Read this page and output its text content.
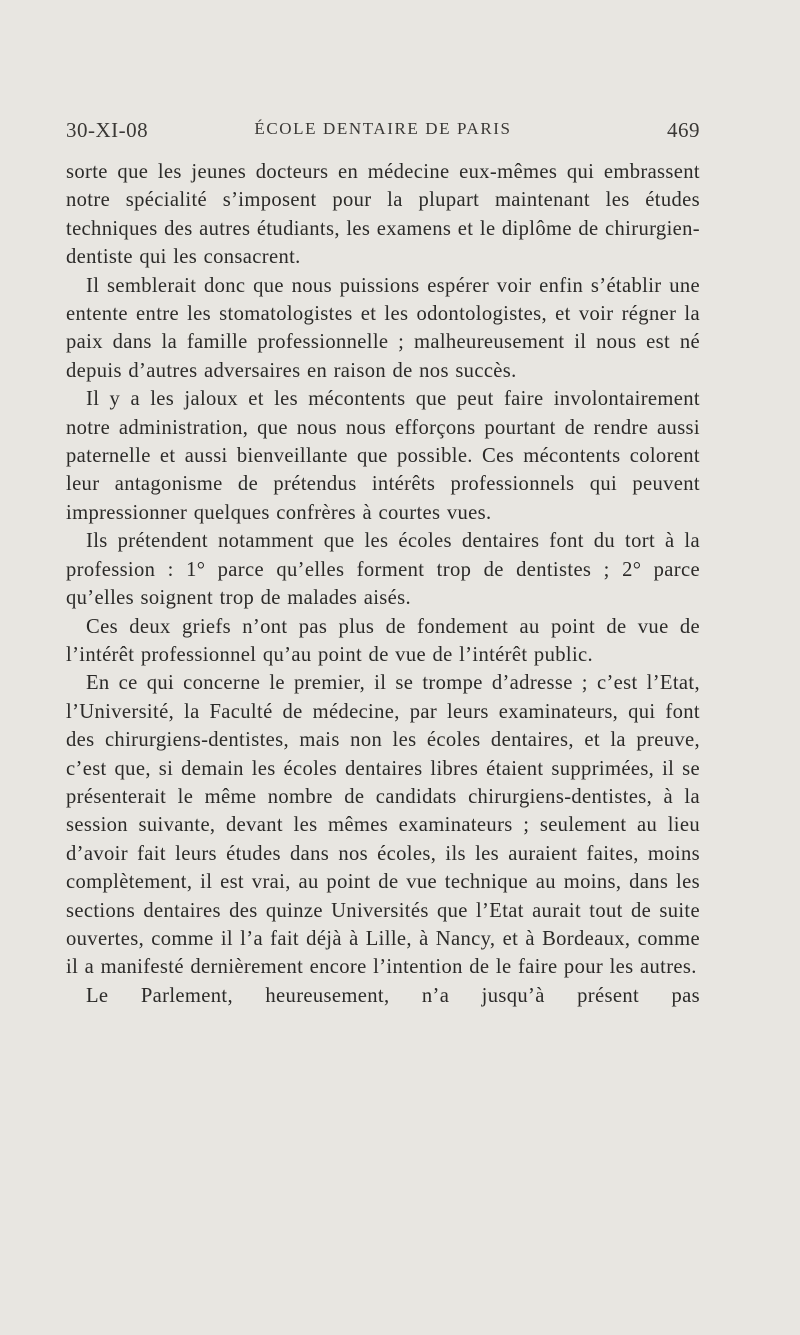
30-XI-08	ÉCOLE DENTAIRE DE PARIS	469

sorte que les jeunes docteurs en médecine eux-mêmes qui embrassent notre spécialité s’imposent pour la plupart maintenant les études techniques des autres étudiants, les examens et le diplôme de chirurgien-dentiste qui les consacrent.

Il semblerait donc que nous puissions espérer voir enfin s’établir une entente entre les stomatologistes et les odontologistes, et voir régner la paix dans la famille professionnelle ; malheureusement il nous est né depuis d’autres adversaires en raison de nos succès.

Il y a les jaloux et les mécontents que peut faire involontairement notre administration, que nous nous efforçons pourtant de rendre aussi paternelle et aussi bienveillante que possible. Ces mécontents colorent leur antagonisme de prétendus intérêts professionnels qui peuvent impressionner quelques confrères à courtes vues.

Ils prétendent notamment que les écoles dentaires font du tort à la profession : 1° parce qu’elles forment trop de dentistes ; 2° parce qu’elles soignent trop de malades aisés.

Ces deux griefs n’ont pas plus de fondement au point de vue de l’intérêt professionnel qu’au point de vue de l’intérêt public.

En ce qui concerne le premier, il se trompe d’adresse ; c’est l’Etat, l’Université, la Faculté de médecine, par leurs examinateurs, qui font des chirurgiens-dentistes, mais non les écoles dentaires, et la preuve, c’est que, si demain les écoles dentaires libres étaient supprimées, il se présenterait le même nombre de candidats chirurgiens-dentistes, à la session suivante, devant les mêmes examinateurs ; seulement au lieu d’avoir fait leurs études dans nos écoles, ils les auraient faites, moins complètement, il est vrai, au point de vue technique au moins, dans les sections dentaires des quinze Universités que l’Etat aurait tout de suite ouvertes, comme il l’a fait déjà à Lille, à Nancy, et à Bordeaux, comme il a manifesté dernièrement encore l’intention de le faire pour les autres.

Le Parlement, heureusement, n’a jusqu’à présent pas
